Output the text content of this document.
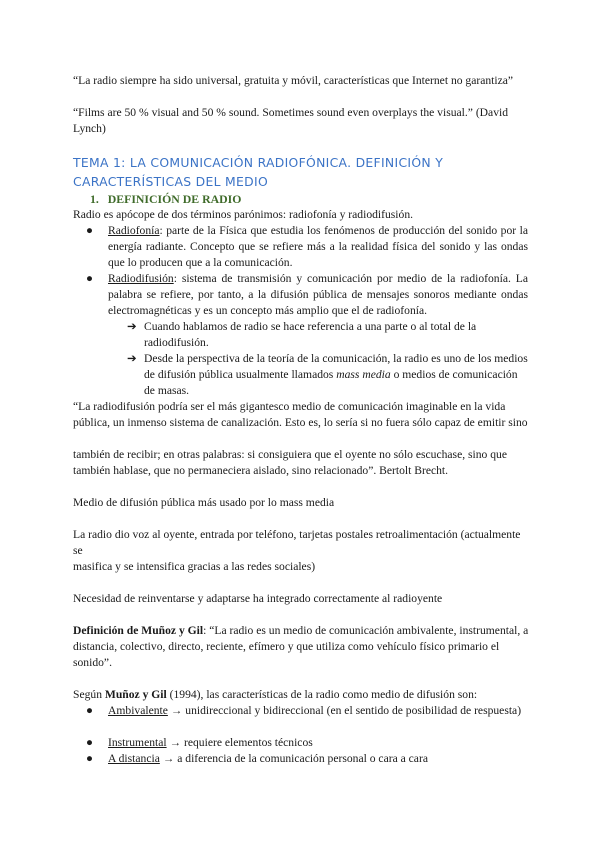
“La radio siempre ha sido universal, gratuita y móvil, características que Internet no garantiza”

“Films are 50 % visual and 50 % sound. Sometimes sound even overplays the visual.” (David Lynch)

TEMA 1: LA COMUNICACIÓN RADIOFÓNICA. DEFINICIÓN Y CARACTERÍSTICAS DEL MEDIO

1. DEFINICIÓN DE RADIO

Radio es apócope de dos términos parónimos: radiofonía y radiodifusión.

● Radiofonía: parte de la Física que estudia los fenómenos de producción del sonido por la energía radiante. Concepto que se refiere más a la realidad física del sonido y las ondas que lo producen que a la comunicación.

● Radiodifusión: sistema de transmisión y comunicación por medio de la radiofonía. La palabra se refiere, por tanto, a la difusión pública de mensajes sonoros mediante ondas electromagnéticas y es un concepto más amplio que el de radiofonía.

➔ Cuando hablamos de radio se hace referencia a una parte o al total de la radiodifusión.

➔ Desde la perspectiva de la teoría de la comunicación, la radio es uno de los medios de difusión pública usualmente llamados mass media o medios de comunicación de masas.

“La radiodifusión podría ser el más gigantesco medio de comunicación imaginable en la vida pública, un inmenso sistema de canalización. Esto es, lo sería si no fuera sólo capaz de emitir sino

también de recibir; en otras palabras: si consiguiera que el oyente no sólo escuchase, sino que también hablase, que no permaneciera aislado, sino relacionado”. Bertolt Brecht.

Medio de difusión pública más usado por lo mass media

La radio dio voz al oyente, entrada por teléfono, tarjetas postales retroalimentación (actualmente se

masifica y se intensifica gracias a las redes sociales)

Necesidad de reinventarse y adaptarse ha integrado correctamente al radioyente

Definición de Muñoz y Gil: “La radio es un medio de comunicación ambivalente, instrumental, a distancia, colectivo, directo, reciente, efímero y que utiliza como vehículo físico primario el sonido”.

Según Muñoz y Gil (1994), las características de la radio como medio de difusión son:

● Ambivalente → unidireccional y bidireccional (en el sentido de posibilidad de respuesta)

● Instrumental → requiere elementos técnicos

● A distancia → a diferencia de la comunicación personal o cara a cara
